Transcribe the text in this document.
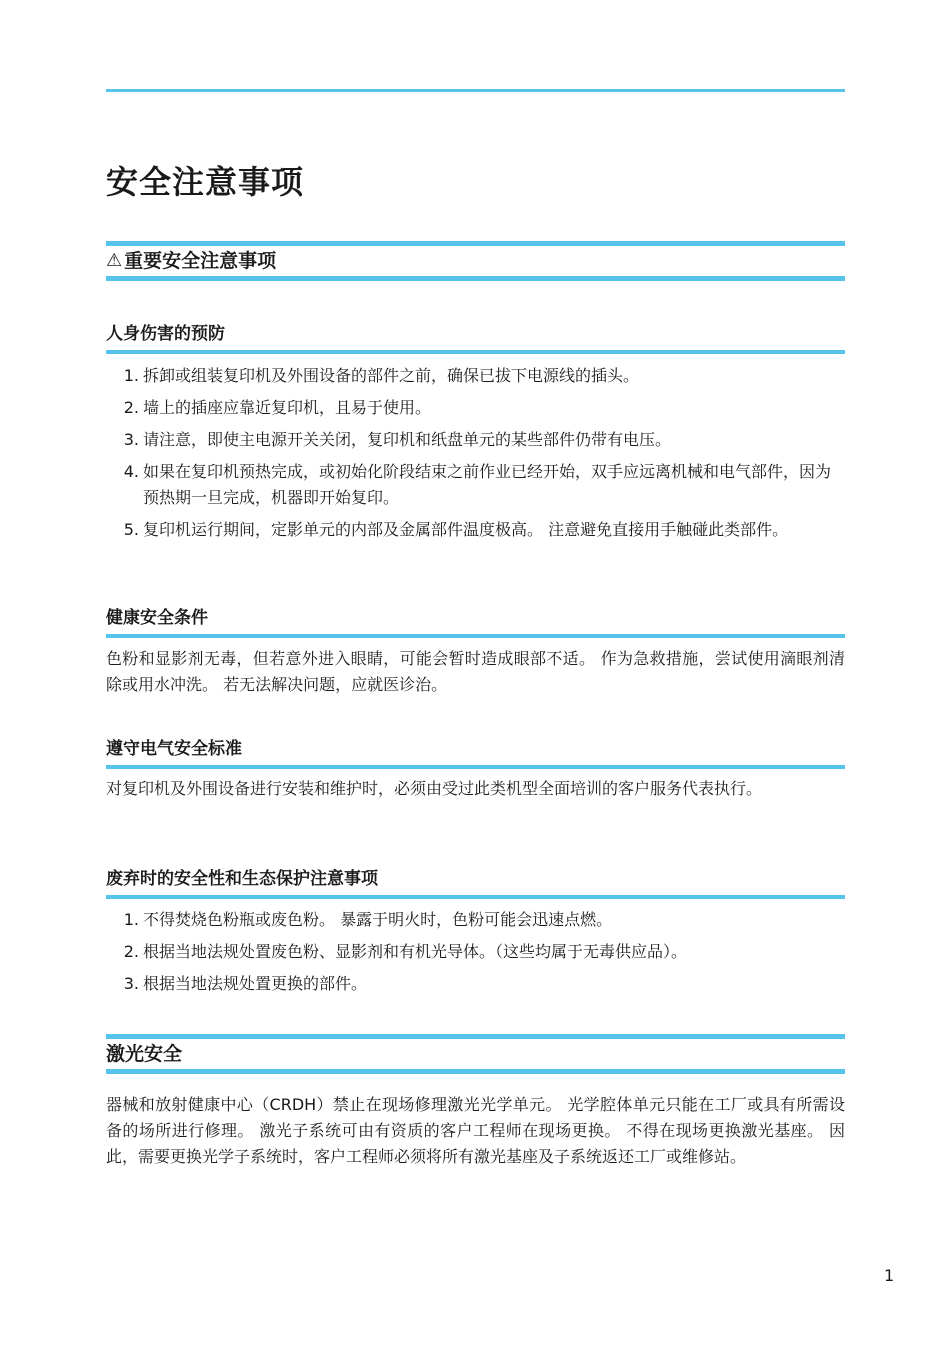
安全注意事项
⚠ 重要安全注意事项
人身伤害的预防
1. 拆卸或组装复印机及外围设备的部件之前，确保已拔下电源线的插头。
2. 墙上的插座应靠近复印机，且易于使用。
3. 请注意，即使主电源开关关闭，复印机和纸盘单元的某些部件仍带有电压。
4. 如果在复印机预热完成，或初始化阶段结束之前作业已经开始，双手应远离机械和电气部件，因为预热期一旦完成，机器即开始复印。
5. 复印机运行期间，定影单元的内部及金属部件温度极高。 注意避免直接用手触碰此类部件。
健康安全条件

色粉和显影剂无毒，但若意外进入眼睛，可能会暂时造成眼部不适。 作为急救措施，尝试使用滴眼剂清除或用水冲洗。 若无法解决问题，应就医诊治。

遵守电气安全标准

对复印机及外围设备进行安装和维护时，必须由受过此类机型全面培训的客户服务代表执行。

废弃时的安全性和生态保护注意事项
1. 不得焚烧色粉瓶或废色粉。 暴露于明火时，色粉可能会迅速点燃。
2. 根据当地法规处置废色粉、显影剂和有机光导体。（这些均属于无毒供应品）。
3. 根据当地法规处置更换的部件。
激光安全

器械和放射健康中心（CRDH）禁止在现场修理激光光学单元。 光学腔体单元只能在工厂或具有所需设备的场所进行修理。 激光子系统可由有资质的客户工程师在现场更换。 不得在现场更换激光基座。 因此，需要更换光学子系统时，客户工程师必须将所有激光基座及子系统返还工厂或维修站。

1
